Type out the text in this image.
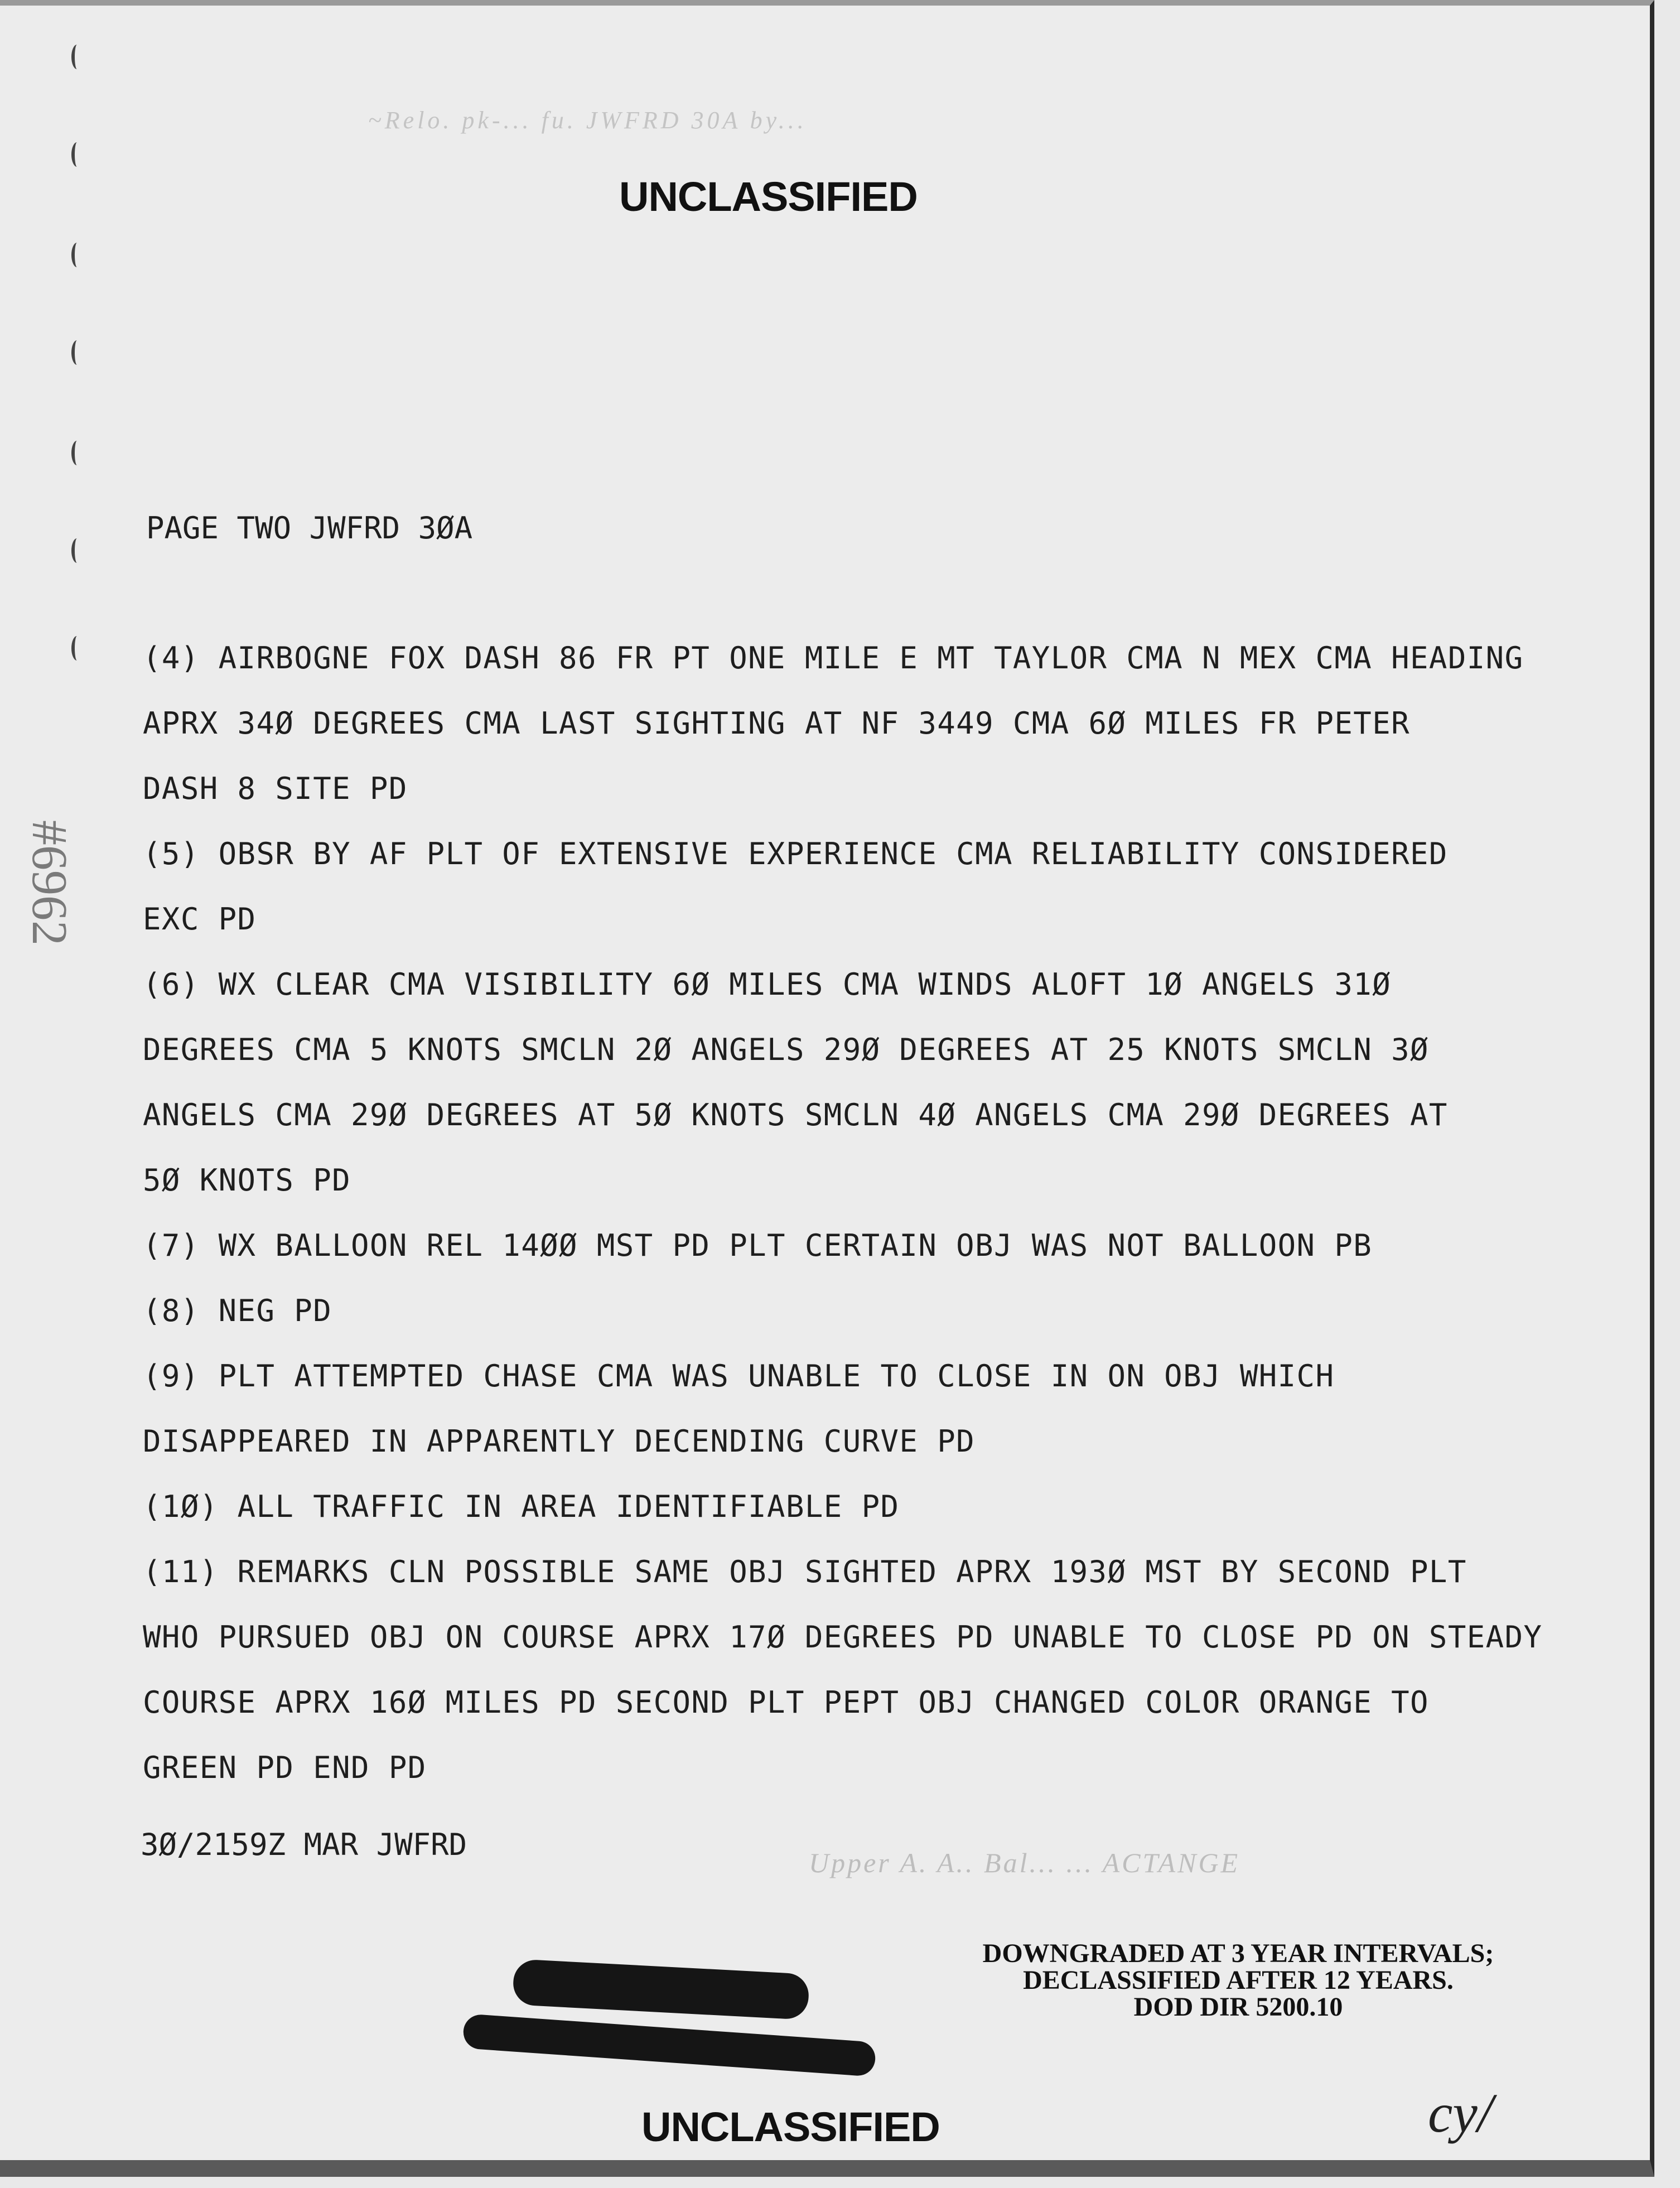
~Relo. pk-... fu. JWFRD 30A by...
UNCLASSIFIED
PAGE TWO JWFRD 3ØA
#6962
(4) AIRBOGNE FOX DASH 86 FR PT ONE MILE E MT TAYLOR CMA N MEX CMA HEADING
APRX 34Ø DEGREES CMA LAST SIGHTING AT NF 3449 CMA 6Ø MILES FR PETER
DASH 8 SITE PD
(5) OBSR BY AF PLT OF EXTENSIVE EXPERIENCE CMA RELIABILITY CONSIDERED
EXC PD
(6) WX CLEAR CMA VISIBILITY 6Ø MILES CMA WINDS ALOFT 1Ø ANGELS 31Ø
DEGREES CMA 5 KNOTS SMCLN 2Ø ANGELS 29Ø DEGREES AT 25 KNOTS SMCLN 3Ø
ANGELS CMA 29Ø DEGREES AT 5Ø KNOTS SMCLN 4Ø ANGELS CMA 29Ø DEGREES AT
5Ø KNOTS PD
(7) WX BALLOON REL 14ØØ MST PD PLT CERTAIN OBJ WAS NOT BALLOON PB
(8) NEG PD
(9) PLT ATTEMPTED CHASE CMA WAS UNABLE TO CLOSE IN ON OBJ WHICH
DISAPPEARED IN APPARENTLY DECENDING CURVE PD
(1Ø) ALL TRAFFIC IN AREA IDENTIFIABLE PD
(11) REMARKS CLN POSSIBLE SAME OBJ SIGHTED APRX 193Ø MST BY SECOND PLT
WHO PURSUED OBJ ON COURSE APRX 17Ø DEGREES PD UNABLE TO CLOSE PD ON STEADY
COURSE APRX 16Ø MILES PD SECOND PLT PEPT OBJ CHANGED COLOR ORANGE TO
GREEN PD END PD
3Ø/2159Z MAR JWFRD
Upper A. A.. Bal... ... ACTANGE
DOWNGRADED AT 3 YEAR INTERVALS;
DECLASSIFIED AFTER 12 YEARS.
DOD DIR 5200.10
UNCLASSIFIED	cy/
